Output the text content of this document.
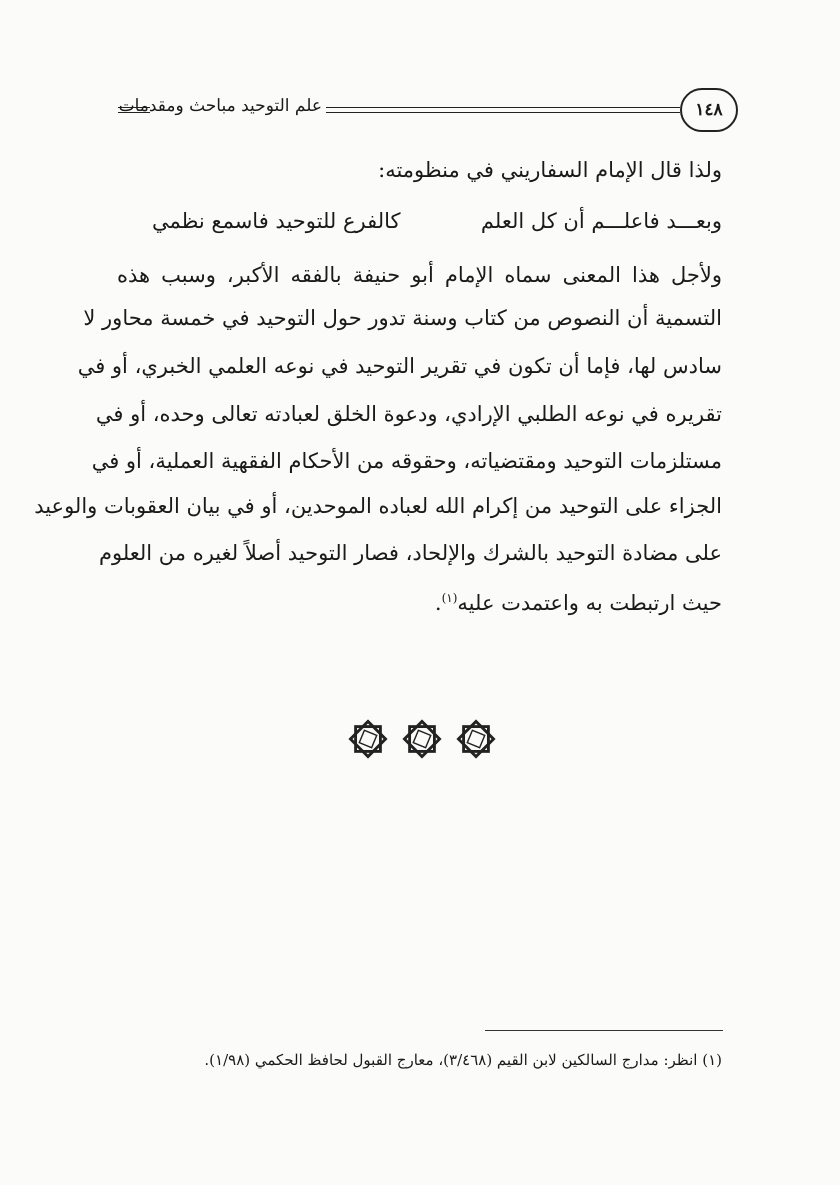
علم التوحيد مباحث ومقدمات	١٤٨
ولذا قال الإمام السفاريني في منظومته:
وبعـــد فاعلـــم أن كل العلم
كالفرع للتوحيد فاسمع نظمي
ولأجل هذا المعنى سماه الإمام أبو حنيفة بالفقه الأكبر، وسبب هذه
التسمية أن النصوص من كتاب وسنة تدور حول التوحيد في خمسة محاور لا
سادس لها، فإما أن تكون في تقرير التوحيد في نوعه العلمي الخبري، أو في
تقريره في نوعه الطلبي الإرادي، ودعوة الخلق لعبادته تعالى وحده، أو في
مستلزمات التوحيد ومقتضياته، وحقوقه من الأحكام الفقهية العملية، أو في
الجزاء على التوحيد من إكرام الله لعباده الموحدين، أو في بيان العقوبات والوعيد
على مضادة التوحيد بالشرك والإلحاد، فصار التوحيد أصلاً لغيره من العلوم
حيث ارتبطت به واعتمدت عليه$^{(١)}$.
(١) انظر: مدارج السالكين لابن القيم (٣/٤٦٨)، معارج القبول لحافظ الحكمي (١/٩٨).
